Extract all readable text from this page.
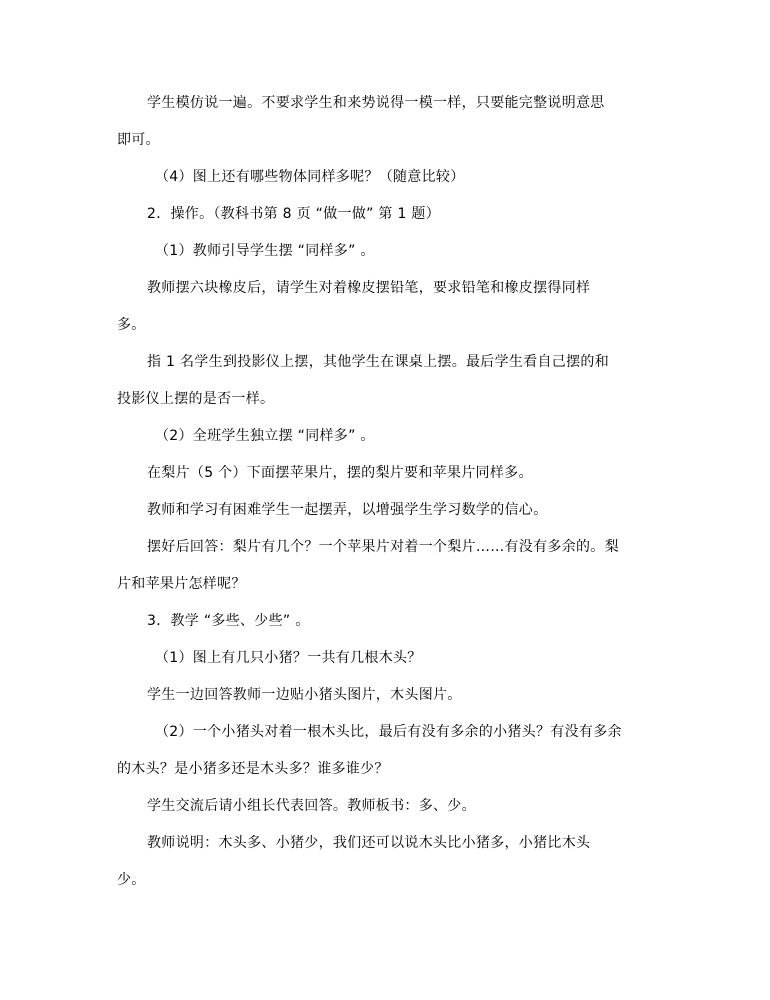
学生模仿说一遍。不要求学生和来势说得一模一样，只要能完整说明意思
即可。
（4）图上还有哪些物体同样多呢？（随意比较）
2．操作。（教科书第 8 页 “做一做” 第 1 题）
（1）教师引导学生摆 “同样多” 。
教师摆六块橡皮后，请学生对着橡皮摆铅笔，要求铅笔和橡皮摆得同样
多。
指 1 名学生到投影仪上摆，其他学生在课桌上摆。最后学生看自己摆的和
投影仪上摆的是否一样。
（2）全班学生独立摆 “同样多” 。
在梨片（5 个）下面摆苹果片，摆的梨片要和苹果片同样多。
教师和学习有困难学生一起摆弄，以增强学生学习数学的信心。
摆好后回答：梨片有几个？一个苹果片对着一个梨片……有没有多余的。梨
片和苹果片怎样呢？
3．教学 “多些、少些” 。
（1）图上有几只小猪？一共有几根木头？
学生一边回答教师一边贴小猪头图片，木头图片。
（2）一个小猪头对着一根木头比，最后有没有多余的小猪头？有没有多余
的木头？是小猪多还是木头多？谁多谁少？
学生交流后请小组长代表回答。教师板书：多、少。
教师说明：木头多、小猪少，我们还可以说木头比小猪多，小猪比木头
少。
